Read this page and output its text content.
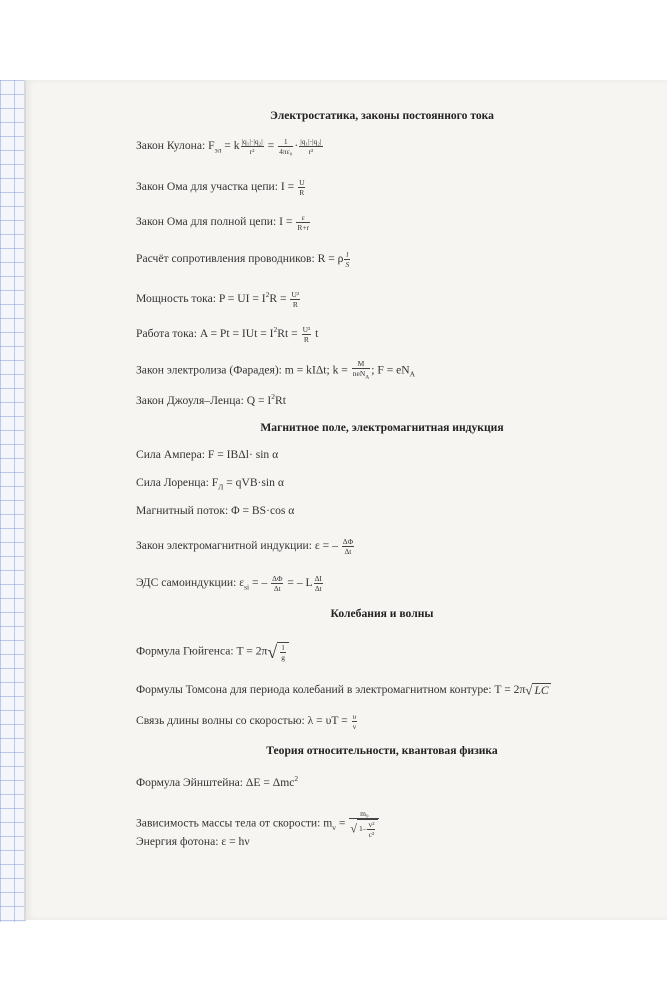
Электростатика, законы постоянного тока
Закон Кулона: $F_{эл} = k \frac{\text{|q₁|·|q₂|}}{\text{r²}} = \frac{1}{\text{4πε₀}} \cdot \frac{\text{|q₁|·|q₂|}}{\text{r²}}$
Закон Ома для участка цепи: $I = \frac{U}{R}$
Закон Ома для полной цепи: $I = \frac{\varepsilon}{R+r}$
Расчёт сопротивления проводников: R = ρ $\frac{l}{S}$
Мощность тока: P = UI = $I^2R = \frac{\text{U²}}{R}$
Работа тока: A = Pt = IUt = $I^2Rt = \frac{\text{U²}}{R}$ t
Закон электролиза (Фарадея): m = kIΔt; $k = \frac{M}{neN_A}$ ; $F = eN_A$
Закон Джоуля–Ленца: $Q = I^2Rt$
Магнитное поле, электромагнитная индукция
Сила Ампера: F = IBΔl· sin α
Сила Лоренца: $F_Л = qVB\cdot\sin$ α
Магнитный поток: Φ = BS·cos α
Закон электромагнитной индукции: ε = – $\frac{\Delta\Phi}{\Delta t}$
ЭДС самоиндукции: $\varepsilon_{si}$ = – $\frac{\Delta\Phi}{\Delta t}$ = – L $\frac{\Delta I}{\Delta t}$
Колебания и волны
Формула Гюйгенса: $T = 2\pi√ \frac{l}{g}$
Формулы Томсона для периода колебаний в электромагнитном контуре: T = 2π√ LC
Связь длины волны со скоростью: $\lambda = \upsilon T = \frac{\upsilon}{\nu}$
Теория относительности, квантовая физика
Формула Эйнштейна: ΔE = Δmc$^2$
Зависимость массы тела от скорости: $m_v = \frac{\text{m₀}}{√ 1- \frac{\text{v²}}{\text{c²}}}$
Энергия фотона: ε = hν
